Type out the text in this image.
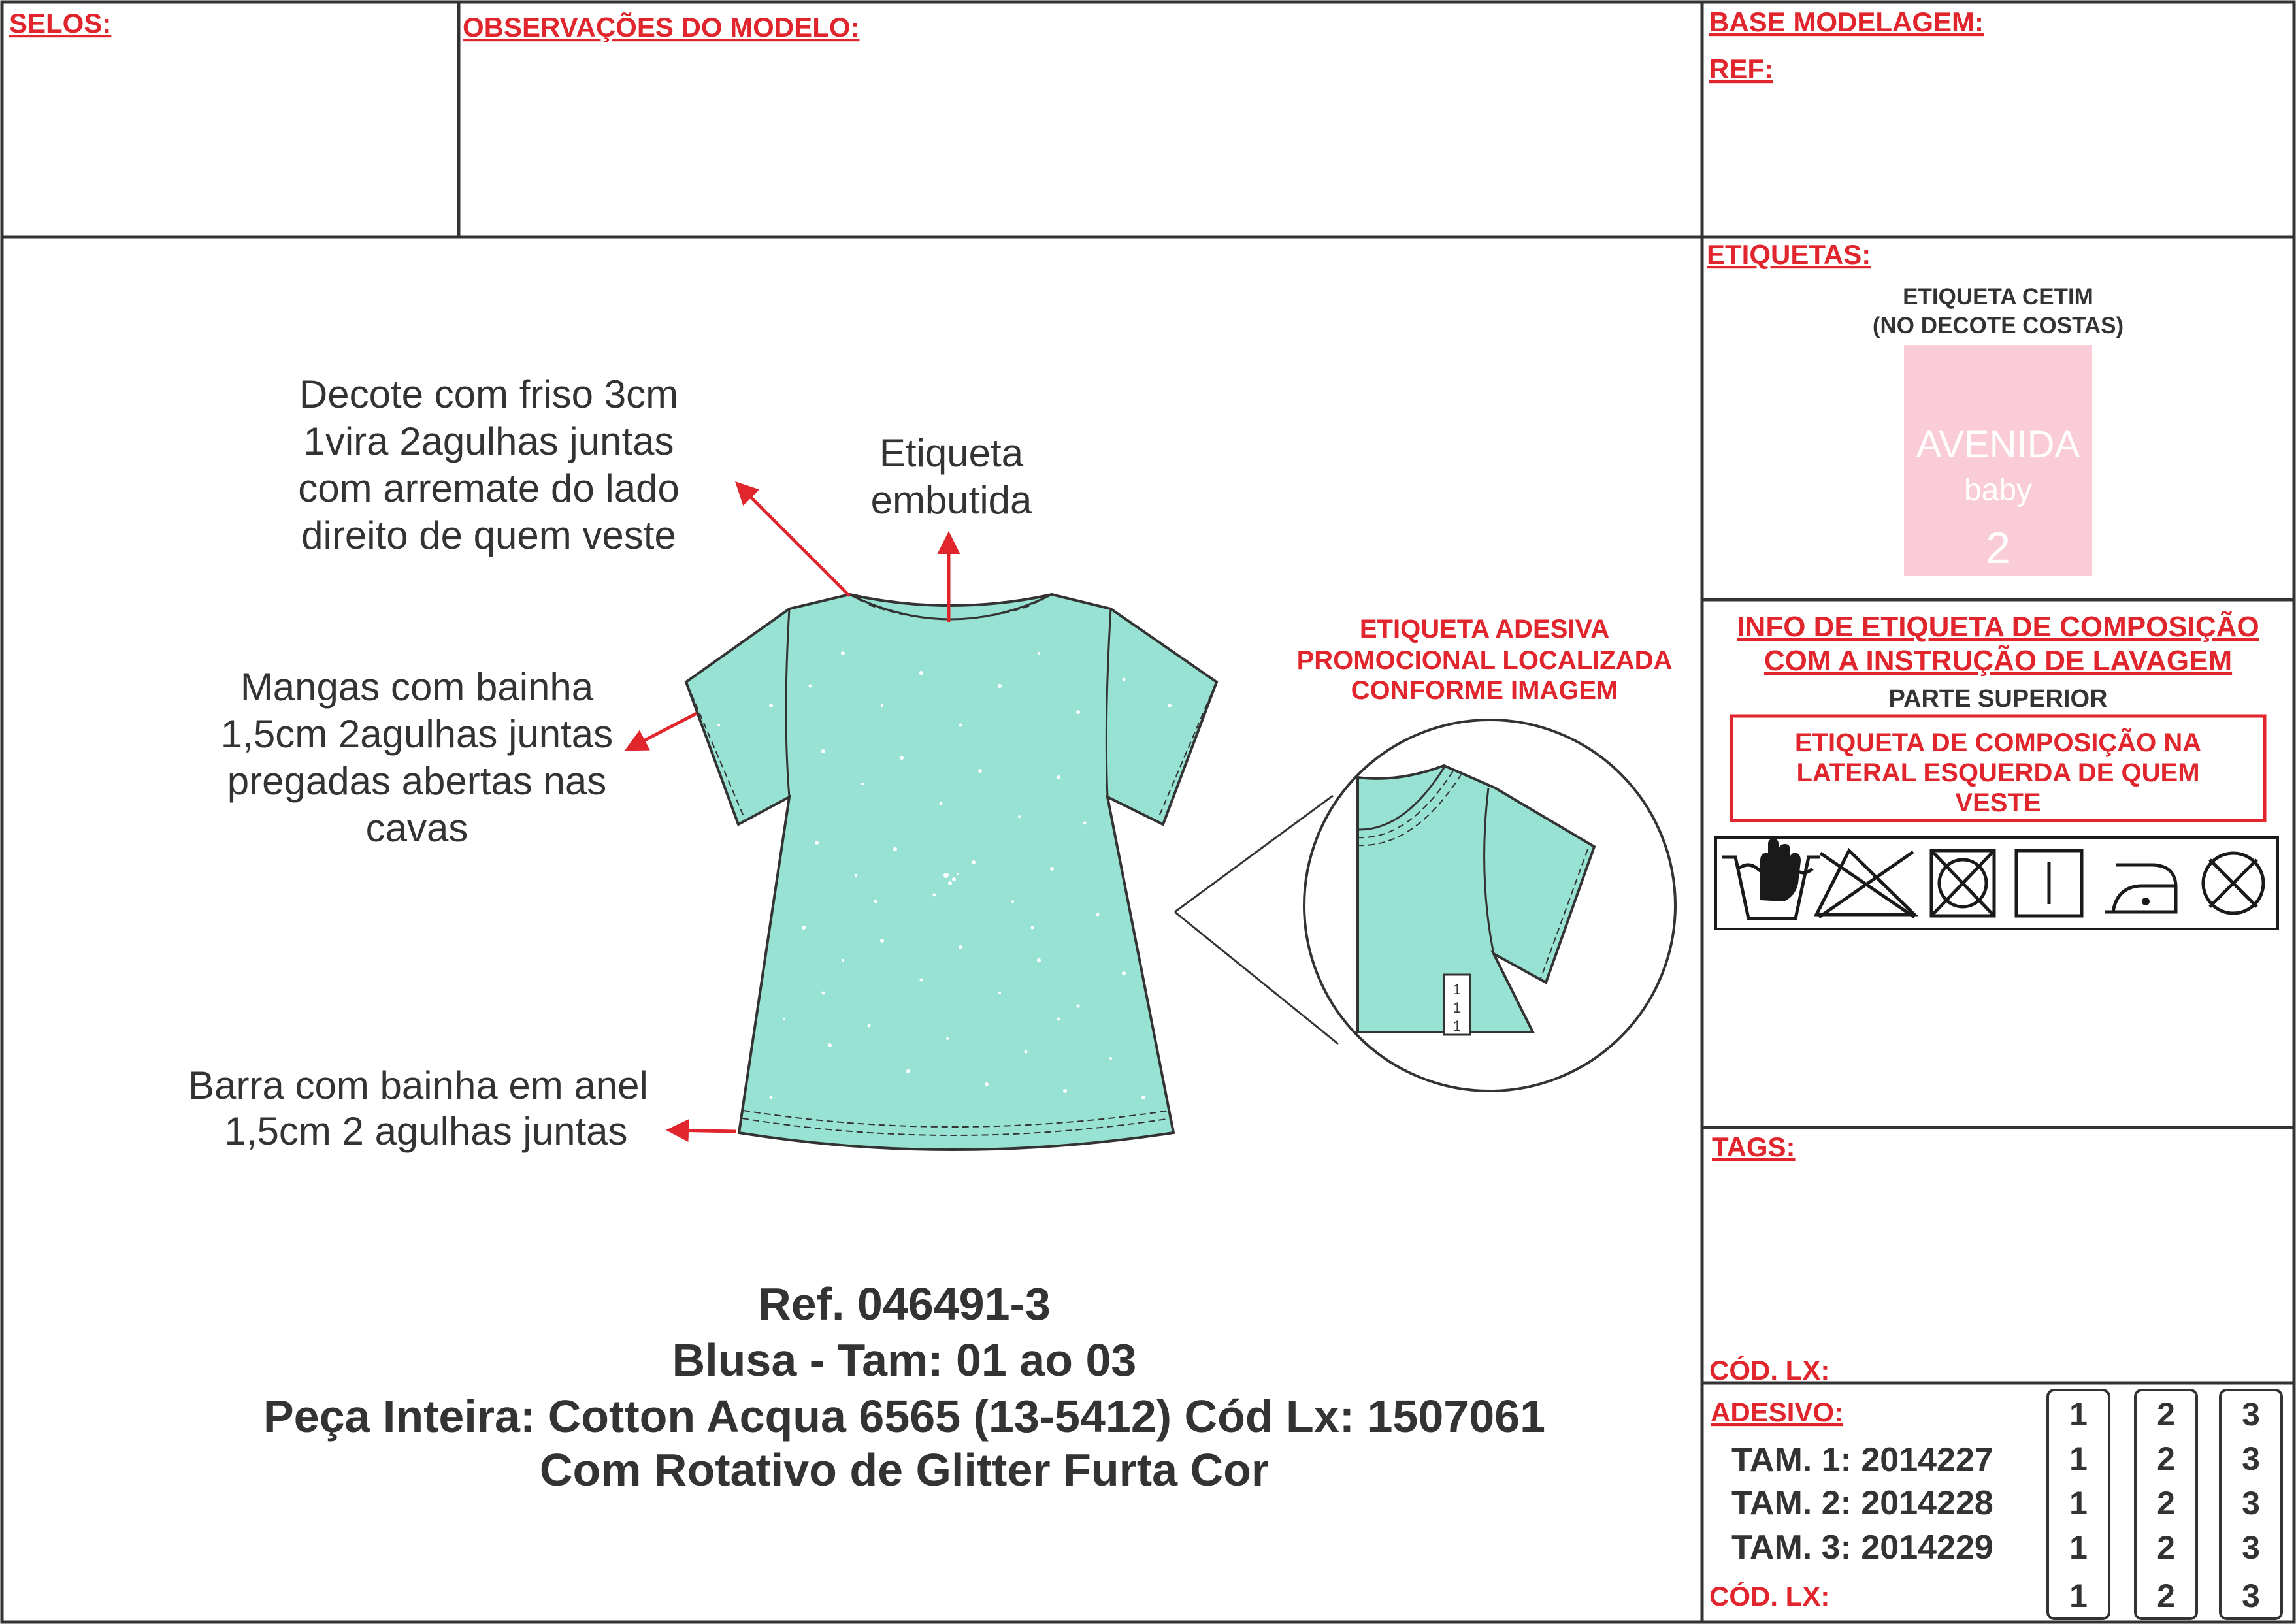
SELOS:	OBSERVAÇÕES DO MODELO:	BASE MODELAGEM:
REF:
ETIQUETAS:
ETIQUETA CETIM
(NO DECOTE COSTAS)
AVENIDA
baby
2
INFO DE ETIQUETA DE COMPOSIÇÃO
COM A INSTRUÇÃO DE LAVAGEM
PARTE SUPERIOR
ETIQUETA DE COMPOSIÇÃO NA
LATERAL ESQUERDA DE QUEM
VESTE
TAGS:
CÓD. LX:
ADESIVO:
TAM. 1: 2014227
TAM. 2: 2014228
TAM. 3: 2014229
CÓD. LX:
1
1
1
1
1
2
2
2
2
2
3
3
3
3
3
1
1
1
Decote com friso 3cm
1vira 2agulhas juntas
com arremate do lado
direito de quem veste
Etiqueta
embutida
Mangas com bainha
1,5cm 2agulhas juntas
pregadas abertas nas
cavas
Barra com bainha em anel
1,5cm 2 agulhas juntas
ETIQUETA ADESIVA
PROMOCIONAL LOCALIZADA
CONFORME IMAGEM
Ref. 046491-3
Blusa - Tam: 01 ao 03
Peça Inteira: Cotton Acqua 6565 (13-5412) Cód Lx: 1507061
Com Rotativo de Glitter Furta Cor
